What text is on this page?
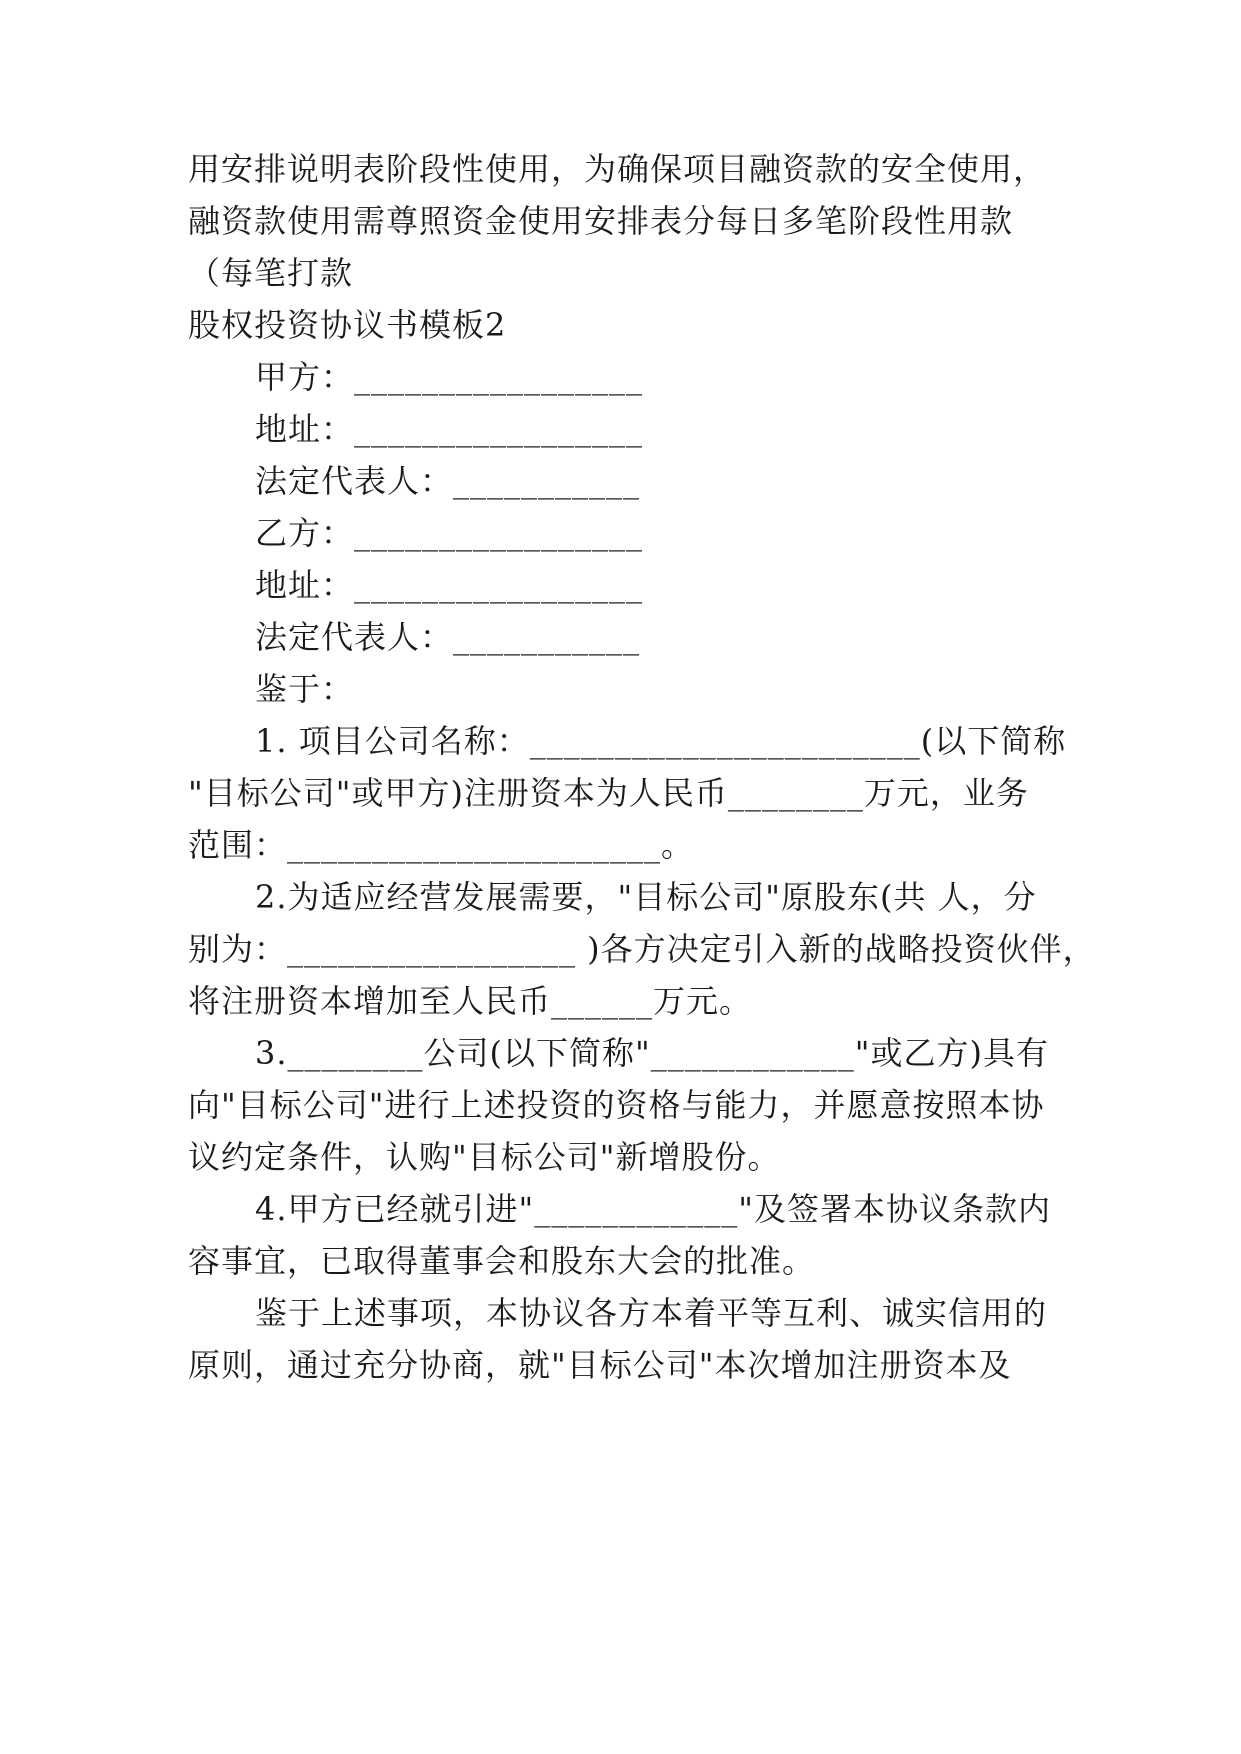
用安排说明表阶段性使用，为确保项目融资款的安全使用，
融资款使用需尊照资金使用安排表分每日多笔阶段性用款
（每笔打款
股权投资协议书模板2
甲方：_________________
地址：_________________
法定代表人：___________
乙方：_________________
地址：_________________
法定代表人：___________
鉴于：
1. 项目公司名称：_______________________(以下简称
"目标公司"或甲方)注册资本为人民币________万元，业务
范围：______________________。
2.为适应经营发展需要，"目标公司"原股东(共 人，分
别为：_________________ )各方决定引入新的战略投资伙伴，
将注册资本增加至人民币______万元。
3.________公司(以下简称"____________"或乙方)具有
向"目标公司"进行上述投资的资格与能力，并愿意按照本协
议约定条件，认购"目标公司"新增股份。
4.甲方已经就引进"____________"及签署本协议条款内
容事宜，已取得董事会和股东大会的批准。
鉴于上述事项，本协议各方本着平等互利、诚实信用的
原则，通过充分协商，就"目标公司"本次增加注册资本及
